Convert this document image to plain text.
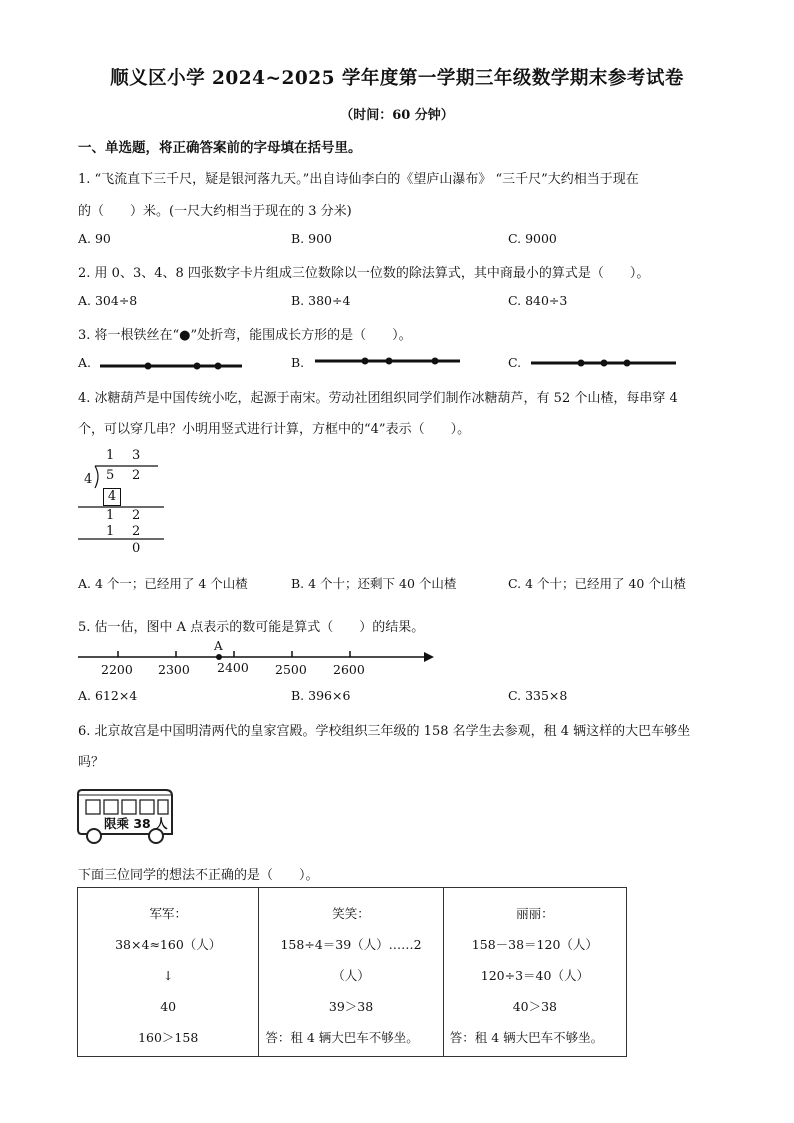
顺义区小学 2024~2025 学年度第一学期三年级数学期末参考试卷
（时间：60 分钟）
一、单选题，将正确答案前的字母填在括号里。
1. “飞流直下三千尺，疑是银河落九天。”出自诗仙李白的《望庐山瀑布》 “三千尺”大约相当于现在
的（　　）米。(一尺大约相当于现在的 3 分米)
A. 90	B. 900	C. 9000
2. 用 0、3、4、8 四张数字卡片组成三位数除以一位数的除法算式，其中商最小的算式是（　　）。
A. 304÷8	B. 380÷4	C. 840÷3
3. 将一根铁丝在“●”处折弯，能围成长方形的是（　　）。
A.	B.	C.
4. 冰糖葫芦是中国传统小吃，起源于南宋。劳动社团组织同学们制作冰糖葫芦，有 52 个山楂，每串穿 4
个，可以穿几串？小明用竖式进行计算，方框中的“4”表示（　　）。
1 3
4 5 2
4
1 2
1 2
0
A. 4 个一；已经用了 4 个山楂	B. 4 个十；还剩下 40 个山楂	C. 4 个十；已经用了 40 个山楂
5. 估一估，图中 A 点表示的数可能是算式（　　）的结果。
A
2200 2300 2400 2500 2600
A. 612×4	B. 396×6	C. 335×8
6. 北京故宫是中国明清两代的皇家宫殿。学校组织三年级的 158 名学生去参观，租 4 辆这样的大巴车够坐
吗？
限乘 38 人
下面三位同学的想法不正确的是（　　）。
军军：
38×4≈160（人）
↓
40
160＞158

笑笑：
158÷4＝39（人）……2
（人）
39＞38
答：租 4 辆大巴车不够坐。

丽丽：
158－38＝120（人）
120÷3＝40（人）
40＞38
答：租 4 辆大巴车不够坐。
